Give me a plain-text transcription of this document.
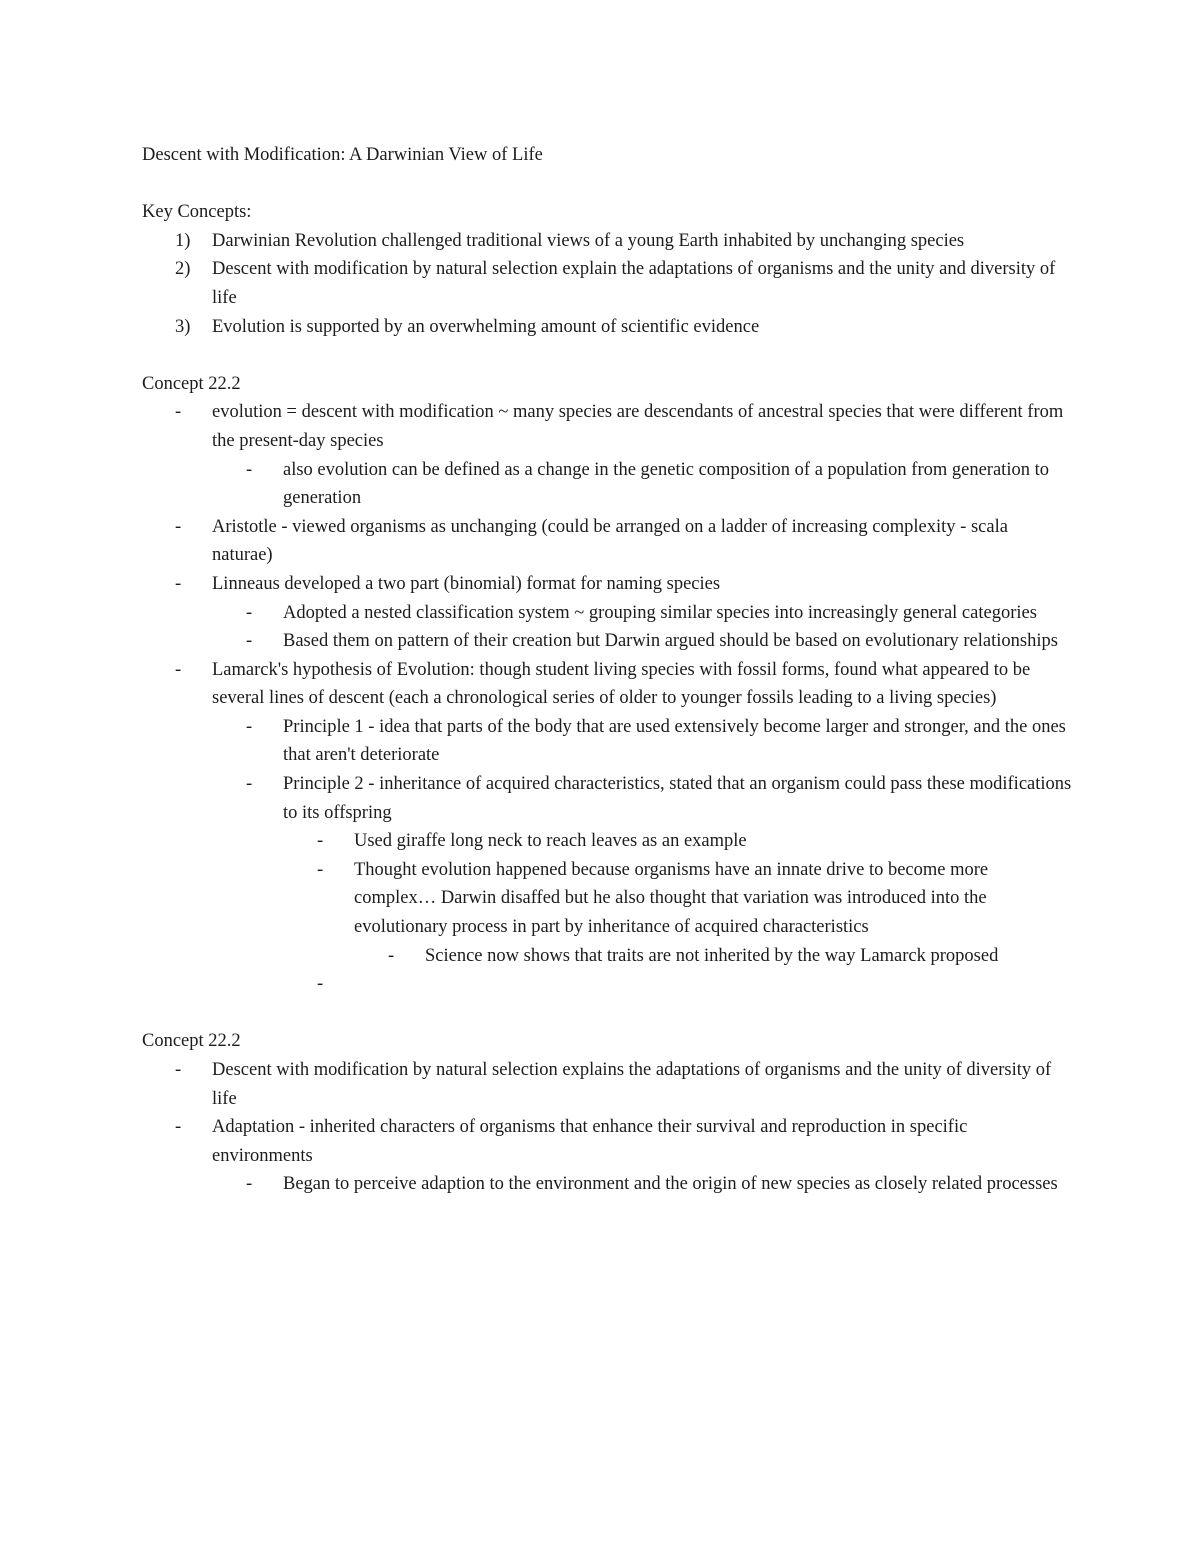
Descent with Modification: A Darwinian View of Life

Key Concepts:

1)	Darwinian Revolution challenged traditional views of a young Earth inhabited by unchanging species
2)	Descent with modification by natural selection explain the adaptations of organisms and the unity and diversity of life
3)	Evolution is supported by an overwhelming amount of scientific evidence

Concept 22.2

-	evolution = descent with modification ~ many species are descendants of ancestral species that were different from the present-day species
-	also evolution can be defined as a change in the genetic composition of a population from generation to generation
-	Aristotle - viewed organisms as unchanging (could be arranged on a ladder of increasing complexity - scala naturae)
-	Linneaus developed a two part (binomial) format for naming species
-	Adopted a nested classification system ~ grouping similar species into increasingly general categories
-	Based them on pattern of their creation but Darwin argued should be based on evolutionary relationships
-	Lamarck's hypothesis of Evolution: though student living species with fossil forms, found what appeared to be several lines of descent (each a chronological series of older to younger fossils leading to a living species)
-	Principle 1 - idea that parts of the body that are used extensively become larger and stronger, and the ones that aren't deteriorate
-	Principle 2 - inheritance of acquired characteristics, stated that an organism could pass these modifications to its offspring
-	Used giraffe long neck to reach leaves as an example
-	Thought evolution happened because organisms have an innate drive to become more complex… Darwin disaffed but he also thought that variation was introduced into the evolutionary process in part by inheritance of acquired characteristics
-	Science now shows that traits are not inherited by the way Lamarck proposed
-

Concept 22.2

-	Descent with modification by natural selection explains the adaptations of organisms and the unity of diversity of life
-	Adaptation - inherited characters of organisms that enhance their survival and reproduction in specific environments
-	Began to perceive adaption to the environment and the origin of new species as closely related processes
